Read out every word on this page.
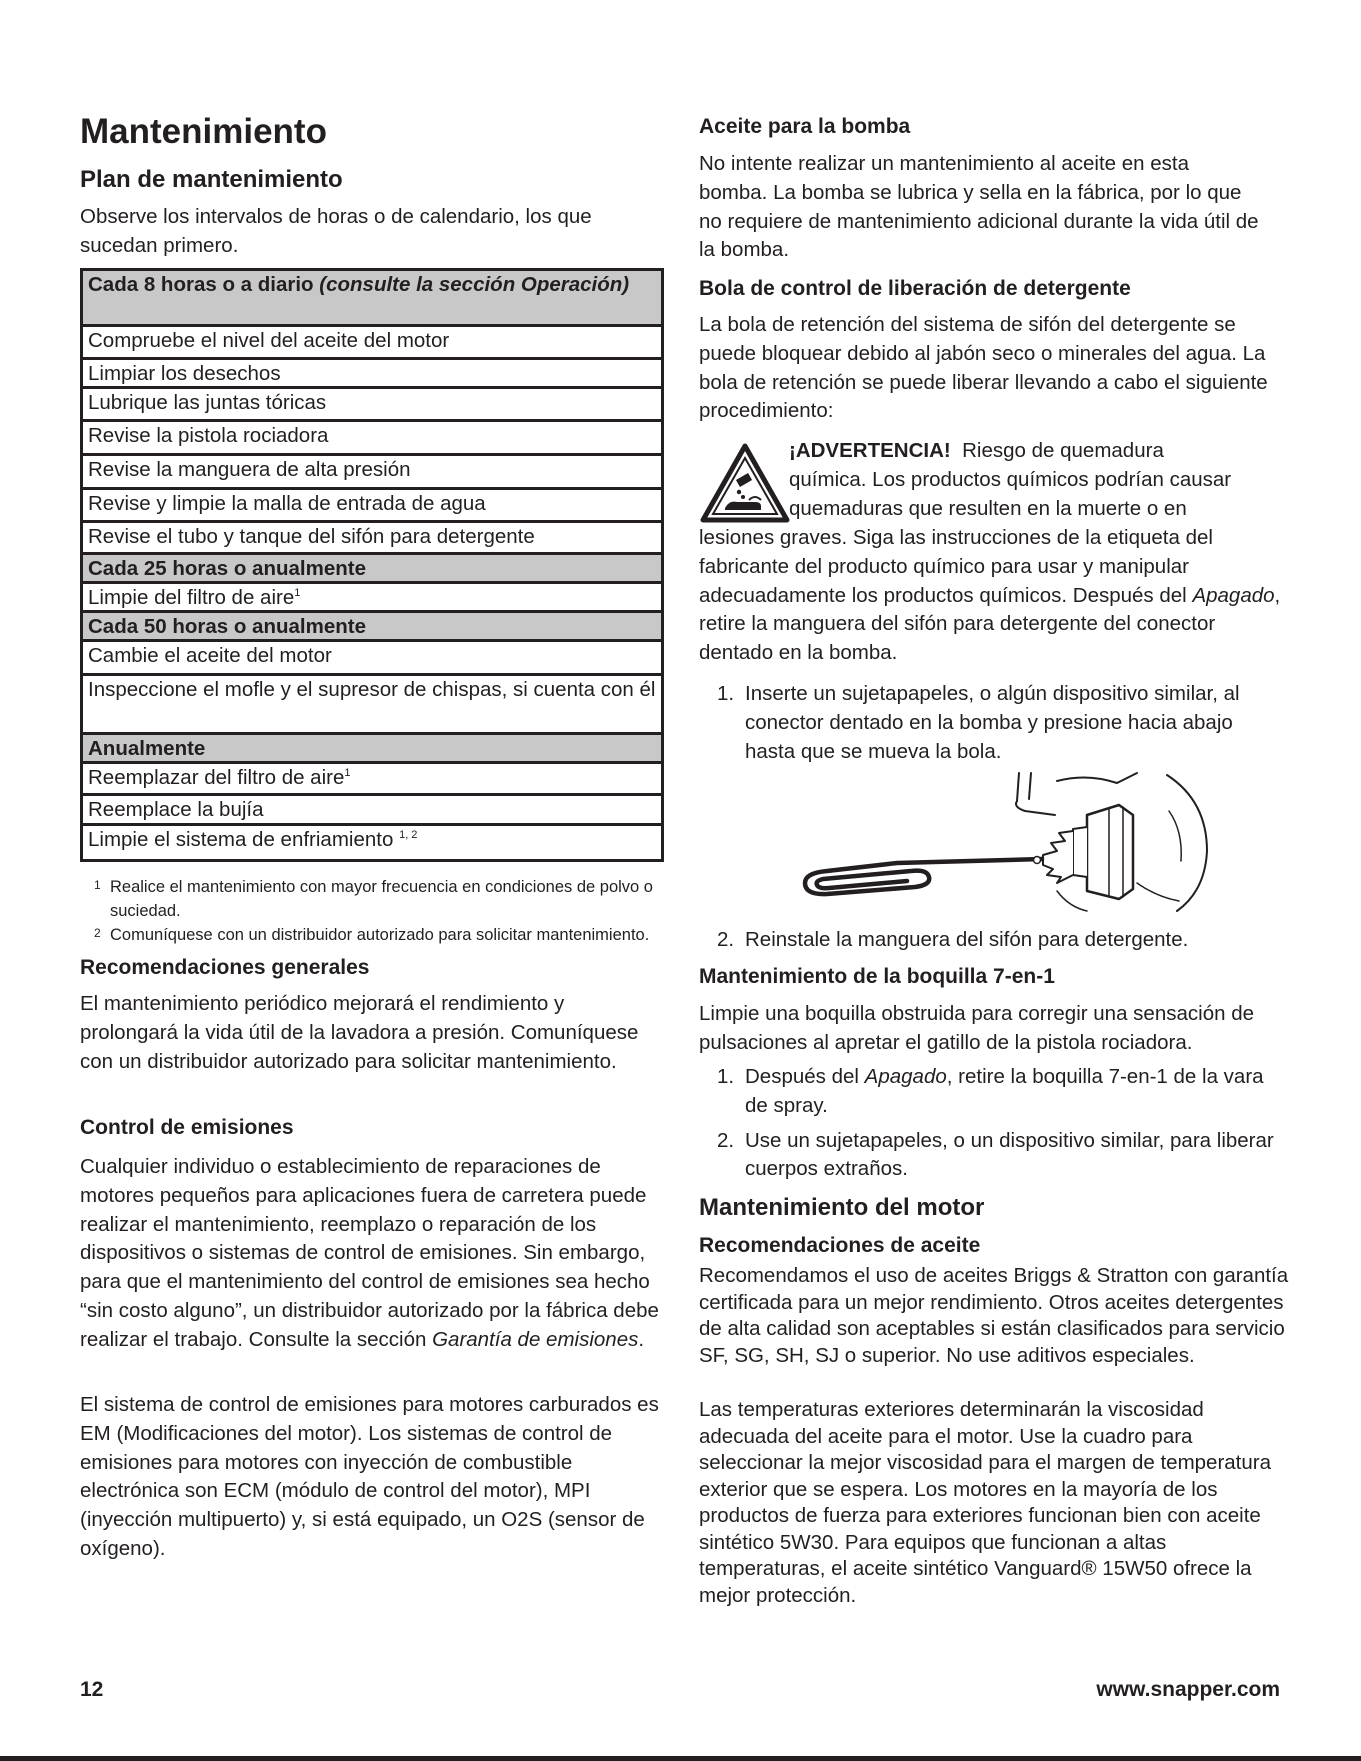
Mantenimiento
Plan de mantenimiento

Observe los intervalos de horas o de calendario, los que sucedan primero.

Cada 8 horas o a diario (consulte la sección Operación)
Compruebe el nivel del aceite del motor
Limpiar los desechos
Lubrique las juntas tóricas
Revise la pistola rociadora
Revise la manguera de alta presión
Revise y limpie la malla de entrada de agua
Revise el tubo y tanque del sifón para detergente
Cada 25 horas o anualmente
Limpie del filtro de aire$^1$
Cada 50 horas o anualmente
Cambie el aceite del motor
Inspeccione el mofle y el supresor de chispas, si cuenta con él
Anualmente
Reemplazar del filtro de aire$^1$
Reemplace la bujía
Limpie el sistema de enfriamiento $^{1, 2}$
1 Realice el mantenimiento con mayor frecuencia en condiciones de polvo o suciedad.
2 Comuníquese con un distribuidor autorizado para solicitar mantenimiento.
Recomendaciones generales

El mantenimiento periódico mejorará el rendimiento y prolongará la vida útil de la lavadora a presión. Comuníquese con un distribuidor autorizado para solicitar mantenimiento.

Control de emisiones

Cualquier individuo o establecimiento de reparaciones de motores pequeños para aplicaciones fuera de carretera puede realizar el mantenimiento, reemplazo o reparación de los dispositivos o sistemas de control de emisiones. Sin embargo, para que el mantenimiento del control de emisiones sea hecho “sin costo alguno”, un distribuidor autorizado por la fábrica debe realizar el trabajo. Consulte la sección Garantía de emisiones.

El sistema de control de emisiones para motores carburados es EM (Modificaciones del motor). Los sistemas de control de emisiones para motores con inyección de combustible electrónica son ECM (módulo de control del motor), MPI (inyección multipuerto) y, si está equipado, un O2S (sensor de oxígeno).

Aceite para la bomba

No intente realizar un mantenimiento al aceite en esta bomba. La bomba se lubrica y sella en la fábrica, por lo que no requiere de mantenimiento adicional durante la vida útil de la bomba.

Bola de control de liberación de detergente

La bola de retención del sistema de sifón del detergente se puede bloquear debido al jabón seco o minerales del agua. La bola de retención se puede liberar llevando a cabo el siguiente procedimiento:

¡ADVERTENCIA! Riesgo de quemadura
química. Los productos químicos podrían causar
quemaduras que resulten en la muerte o en

lesiones graves. Siga las instrucciones de la etiqueta del fabricante del producto químico para usar y manipular adecuadamente los productos químicos. Después del Apagado, retire la manguera del sifón para detergente del conector dentado en la bomba.

1. Inserte un sujetapapeles, o algún dispositivo similar, al conector dentado en la bomba y presione hacia abajo hasta que se mueva la bola.
2. Reinstale la manguera del sifón para detergente.
Mantenimiento de la boquilla 7-en-1

Limpie una boquilla obstruida para corregir una sensación de pulsaciones al apretar el gatillo de la pistola rociadora.

1. Después del Apagado, retire la boquilla 7-en-1 de la vara de spray.
2. Use un sujetapapeles, o un dispositivo similar, para liberar cuerpos extraños.
Mantenimiento del motor
Recomendaciones de aceite

Recomendamos el uso de aceites Briggs & Stratton con garantía certificada para un mejor rendimiento. Otros aceites detergentes de alta calidad son aceptables si están clasificados para servicio SF, SG, SH, SJ o superior. No use aditivos especiales.

Las temperaturas exteriores determinarán la viscosidad adecuada del aceite para el motor. Use la cuadro para seleccionar la mejor viscosidad para el margen de temperatura exterior que se espera. Los motores en la mayoría de los productos de fuerza para exteriores funcionan bien con aceite sintético 5W30. Para equipos que funcionan a altas temperaturas, el aceite sintético Vanguard® 15W50 ofrece la mejor protección.

12	www.snapper.com
